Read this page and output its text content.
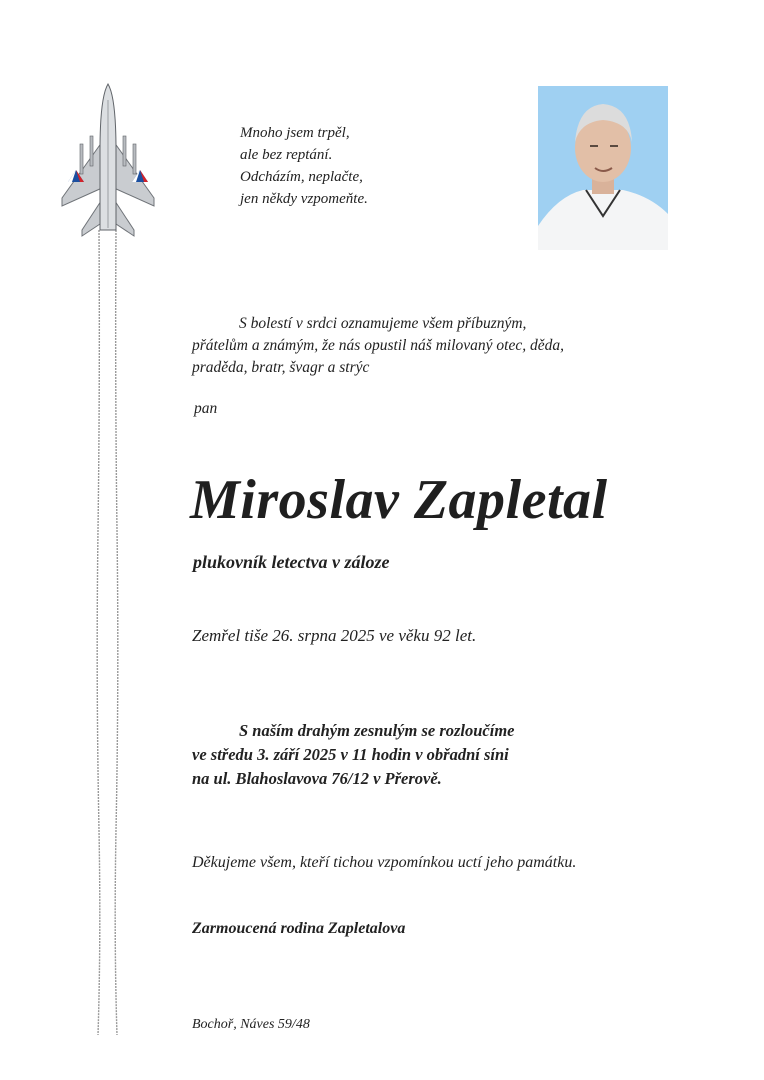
Mnoho jsem trpěl,
ale bez reptání.
Odcházím, neplačte,
jen někdy vzpomeňte.
S bolestí v srdci oznamujeme všem příbuzným,
přátelům a známým, že nás opustil náš milovaný otec, děda,
praděda, bratr, švagr a strýc
pan
Miroslav Zapletal
plukovník letectva v záloze
Zemřel tiše 26. srpna 2025 ve věku 92 let.
S naším drahým zesnulým se rozloučíme
ve středu 3. září 2025 v 11 hodin v obřadní síni
na ul. Blahoslavova 76/12 v Přerově.
Děkujeme všem, kteří tichou vzpomínkou uctí jeho památku.
Zarmoucená rodina Zapletalova
Bochoř, Náves 59/48
